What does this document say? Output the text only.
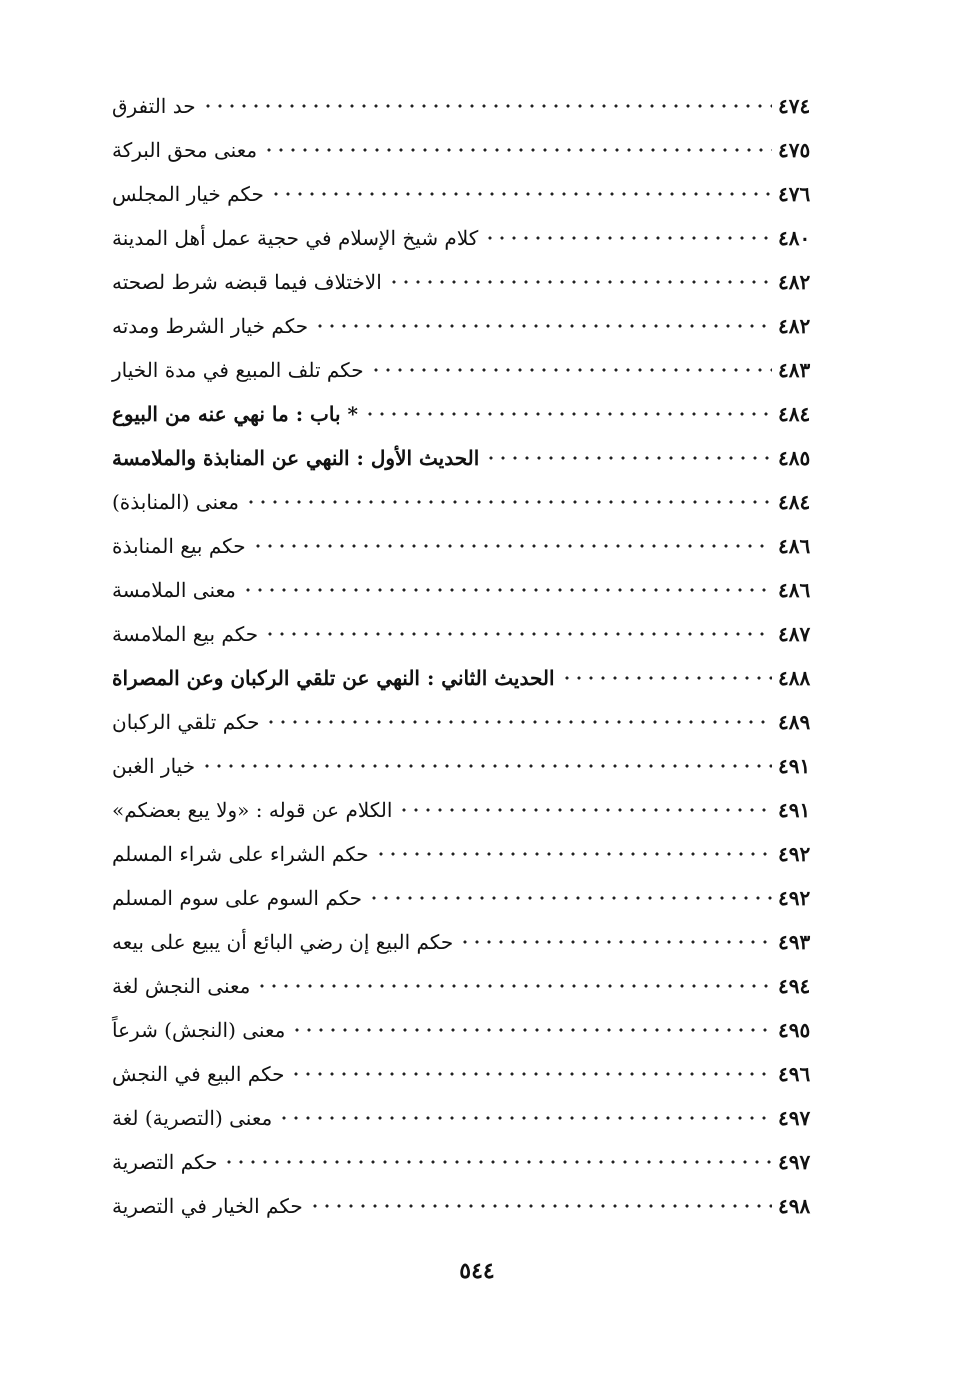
حد التفرق	٤٧٤
معنى محق البركة	٤٧٥
حكم خيار المجلس	٤٧٦
كلام شيخ الإسلام في حجية عمل أهل المدينة	٤٨٠
الاختلاف فيما قبضه شرط لصحته	٤٨٢
حكم خيار الشرط ومدته	٤٨٢
حكم تلف المبيع في مدة الخيار	٤٨٣
* باب : ما نهي عنه من البيوع	٤٨٤
الحديث الأول : النهي عن المنابذة والملامسة	٤٨٥
معنى (المنابذة)	٤٨٤
حكم بيع المنابذة	٤٨٦
معنى الملامسة	٤٨٦
حكم بيع الملامسة	٤٨٧
الحديث الثاني : النهي عن تلقي الركبان وعن المصراة	٤٨٨
حكم تلقي الركبان	٤٨٩
خيار الغبن	٤٩١
الكلام عن قوله : «ولا يبع بعضكم»	٤٩١
حكم الشراء على شراء المسلم	٤٩٢
حكم السوم على سوم المسلم	٤٩٢
حكم البيع إن رضي البائع أن يبيع على بيعه	٤٩٣
معنى النجش لغة	٤٩٤
معنى (النجش) شرعاً	٤٩٥
حكم البيع في النجش	٤٩٦
معنى (التصرية) لغة	٤٩٧
حكم التصرية	٤٩٧
حكم الخيار في التصرية	٤٩٨
٥٤٤
